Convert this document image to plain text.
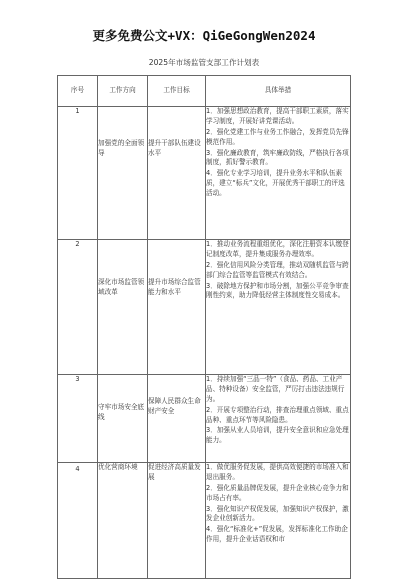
更多免费公文+VX：QiGeGongWen2024
2025年市场监管支部工作计划表
序号	工作方向	工作目标	具体举措
1	加强党的全面领导	提升干部队伍建设水平	1．加强思想政治教育，提高干部职工素质，落实学习制度，开展好讲党课活动。

2．强化党建工作与业务工作融合，发挥党员先锋模范作用。

3．强化廉政教育，筑牢廉政防线，严格执行各项制度，抓好警示教育。

4．强化专业学习培训，提升业务水平和队伍素质，建立“标兵”文化，开展优秀干部职工的评选活动。

2	深化市场监管领域改革	提升市场综合监管能力和水平	1．推动业务流程重组优化，深化注册资本认缴登记制度改革，提升集成服务办理效率。

2．强化信用风险分类管理，推动双随机监管与跨部门综合监管等监管模式有效结合。

3．破除地方保护和市场分割，加强公平竞争审查刚性约束，助力降低经营主体制度性交易成本。

3	守牢市场安全底线	保障人民群众生命财产安全	1．持续加强“三品一特”（食品、药品、工业产品、特种设备）安全监管，严厉打击违法违规行为。

2．开展专项整治行动，排查治理重点领域、重点品种、重点环节等风险隐患。

3．加强从业人员培训，提升安全意识和应急处理能力。

4	优化营商环境	促进经济高质量发展	1．做优服务促发展，提供高效便捷的市场准入和退出服务。

2．强化质量品牌促发展，提升企业核心竞争力和市场占有率。

3．强化知识产权促发展，加强知识产权保护，激发企业创新活力。

4．强化“标准化+”促发展，发挥标准化工作助企作用，提升企业话语权和市
